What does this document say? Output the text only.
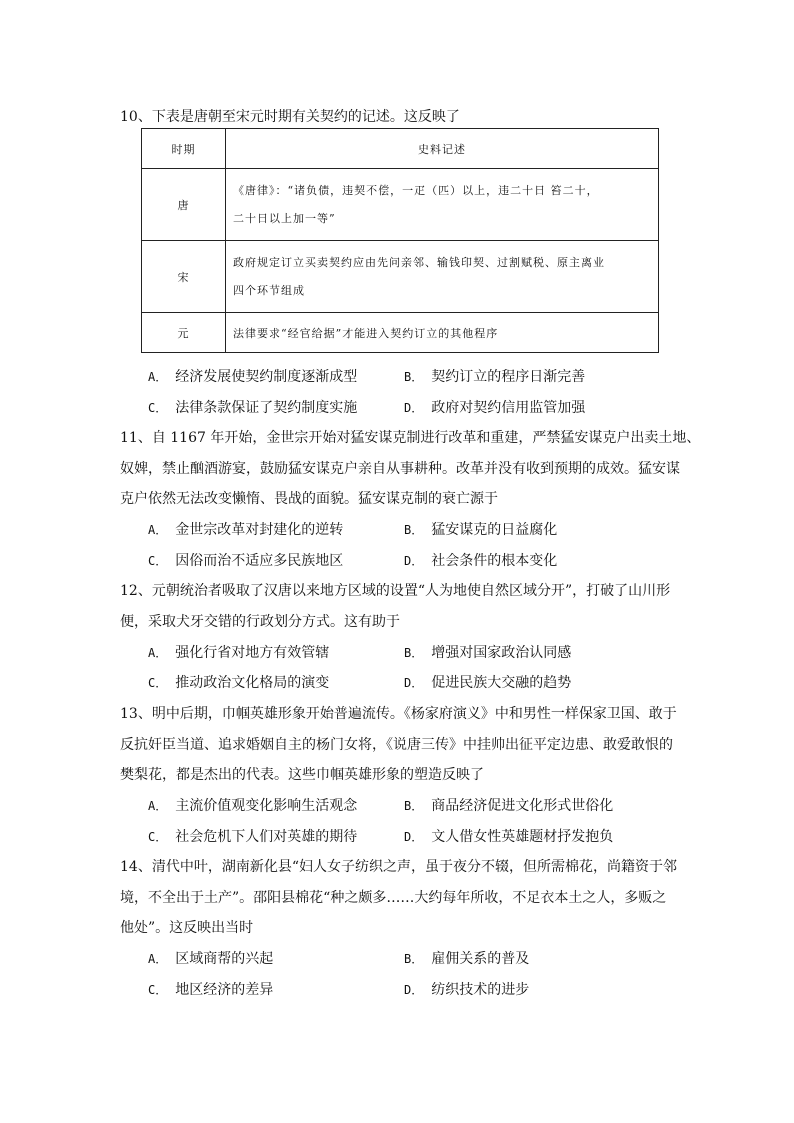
10、下表是唐朝至宋元时期有关契约的记述。这反映了
时期	史料记述
唐	《唐律》：“诸负债，违契不偿，一疋（匹）以上，违二十日 笞二十，
二十日以上加一等”

宋	政府规定订立买卖契约应由先问亲邻、输钱印契、过割赋税、原主离业
四个环节组成

元	法律要求“经官给据”才能进入契约订立的其他程序
A． 经济发展使契约制度逐渐成型	B． 契约订立的程序日渐完善
C． 法律条款保证了契约制度实施	D． 政府对契约信用监管加强
11、自 1167 年开始，金世宗开始对猛安谋克制进行改革和重建，严禁猛安谋克户出卖土地、
奴婢，禁止酗酒游宴，鼓励猛安谋克户亲自从事耕种。改革并没有收到预期的成效。猛安谋
克户依然无法改变懒惰、畏战的面貌。猛安谋克制的衰亡源于
A． 金世宗改革对封建化的逆转	B． 猛安谋克的日益腐化
C． 因俗而治不适应多民族地区	D． 社会条件的根本变化
12、元朝统治者吸取了汉唐以来地方区域的设置“人为地使自然区域分开”，打破了山川形
便，采取犬牙交错的行政划分方式。这有助于
A． 强化行省对地方有效管辖	B． 增强对国家政治认同感
C． 推动政治文化格局的演变	D． 促进民族大交融的趋势
13、明中后期，巾帼英雄形象开始普遍流传。《杨家府演义》中和男性一样保家卫国、敢于
反抗奸臣当道、追求婚姻自主的杨门女将，《说唐三传》中挂帅出征平定边患、敢爱敢恨的
樊梨花，都是杰出的代表。这些巾帼英雄形象的塑造反映了
A． 主流价值观变化影响生活观念	B． 商品经济促进文化形式世俗化
C． 社会危机下人们对英雄的期待	D． 文人借女性英雄题材抒发抱负
14、清代中叶，湖南新化县“妇人女子纺织之声，虽于夜分不辍，但所需棉花，尚籍资于邻
境，不全出于土产”。邵阳县棉花“种之颇多……大约每年所收，不足衣本土之人，多贩之
他处”。这反映出当时
A． 区域商帮的兴起	B． 雇佣关系的普及
C． 地区经济的差异	D． 纺织技术的进步
